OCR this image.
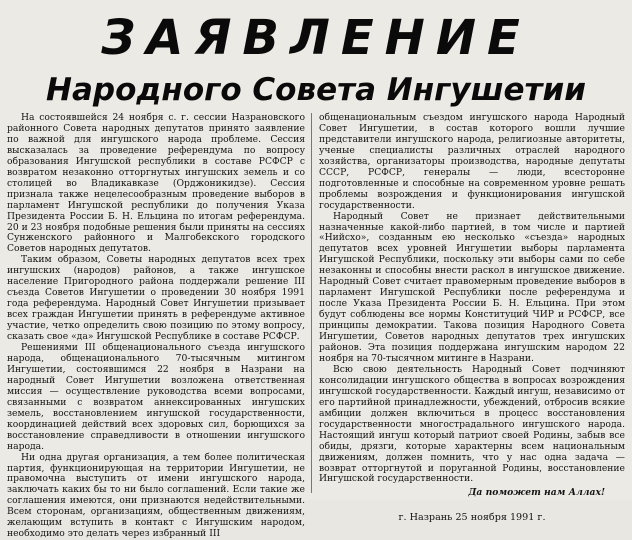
ЗАЯВЛЕНИЕ
Народного Совета Ингушетии

На состоявшейся 24 ноября с. г. сессии Назрановского районного Совета народных депутатов принято заявление по важной для ингушского народа проблеме. Сессия высказалась за проведение референдума по вопросу образования Ингушской республики в составе РСФСР с возвратом незаконно отторгнутых ингушских земель и со столицей во Владикавказе (Орджоникидзе). Сессия признала также нецелесообразным проведение выборов в парламент Ингушской республики до получения Указа Президента России Б. Н. Ельцина по итогам референдума. 20 и 23 ноября подобные решения были приняты на сессиях Сунженского районного и Малгобекского городского Советов народных депутатов.

Таким образом, Советы народных депутатов всех трех ингушских (народов) районов, а также ингушское население Пригородного района поддержали решение III съезда Советов Ингушетии о проведении 30 ноября 1991 года референдума. Народный Совет Ингушетии призывает всех граждан Ингушетии принять в референдуме активное участие, четко определить свою позицию по этому вопросу, сказать свое «да» Ингушской Республике в составе РСФСР.

Решениями III общенационального съезда ингушского народа, общенационального 70-тысячным митингом Ингушетии, состоявшимся 22 ноября в Назрани на народный Совет Ингушетии возложена ответственная миссия — осуществление руководства всеми вопросами, связанными с возвратом аннексированных ингушских земель, восстановлением ингушской государственности, координацией действий всех здоровых сил, борющихся за восстановление справедливости в отношении ингушского народа.

Ни одна другая организация, а тем более политическая партия, функционирующая на территории Ингушетии, не правомочна выступить от имени ингушского народа, заключать каких бы то ни было соглашений. Если такие же соглашения имеются, они признаются недействительными. Всем сторонам, организациям, общественным движениям, желающим вступить в контакт с Ингушским народом, необходимо это делать через избранный III

общенациональным съездом ингушского народа Народный Совет Ингушетии, в состав которого вошли лучшие представители ингушского народа, религиозные авторитеты, ученые специалисты различных отраслей народного хозяйства, организаторы производства, народные депутаты СССР, РСФСР, генералы — люди, всесторонне подготовленные и способные на современном уровне решать проблемы возрождения и функционирования ингушской государственности.

Народный Совет не признает действительными назначенные какой-либо партией, в том числе и партией «Нийсхо», созданным ею несколько «съезда» народных депутатов всех уровней Ингушетии выборы парламента Ингушской Республики, поскольку эти выборы сами по себе незаконны и способны внести раскол в ингушское движение. Народный Совет считает правомерным проведение выборов в парламент Ингушской Республики после референдума и после Указа Президента России Б. Н. Ельцина. При этом будут соблюдены все нормы Конституций ЧИР и РСФСР, все принципы демократии. Такова позиция Народного Совета Ингушетии, Советов народных депутатов трех ингушских районов. Эта позиция поддержана ингушским народом 22 ноября на 70-тысячном митинге в Назрани.

Всю свою деятельность Народный Совет подчиняют консолидации ингушского общества в вопросах возрождения ингушской государственности. Каждый ингуш, независимо от его партийной принадлежности, убеждений, отбросив всякие амбиции должен включиться в процесс восстановления государственности многострадального ингушского народа. Настоящий ингуш который патриот своей Родины, забыв все обиды, дрязги, которые характерны всем национальным движениям, должен помнить, что у нас одна задача — возврат отторгнутой и поруганной Родины, восстановление Ингушской государственности.

Да поможет нам Аллах!

г. Назрань 25 ноября 1991 г.
